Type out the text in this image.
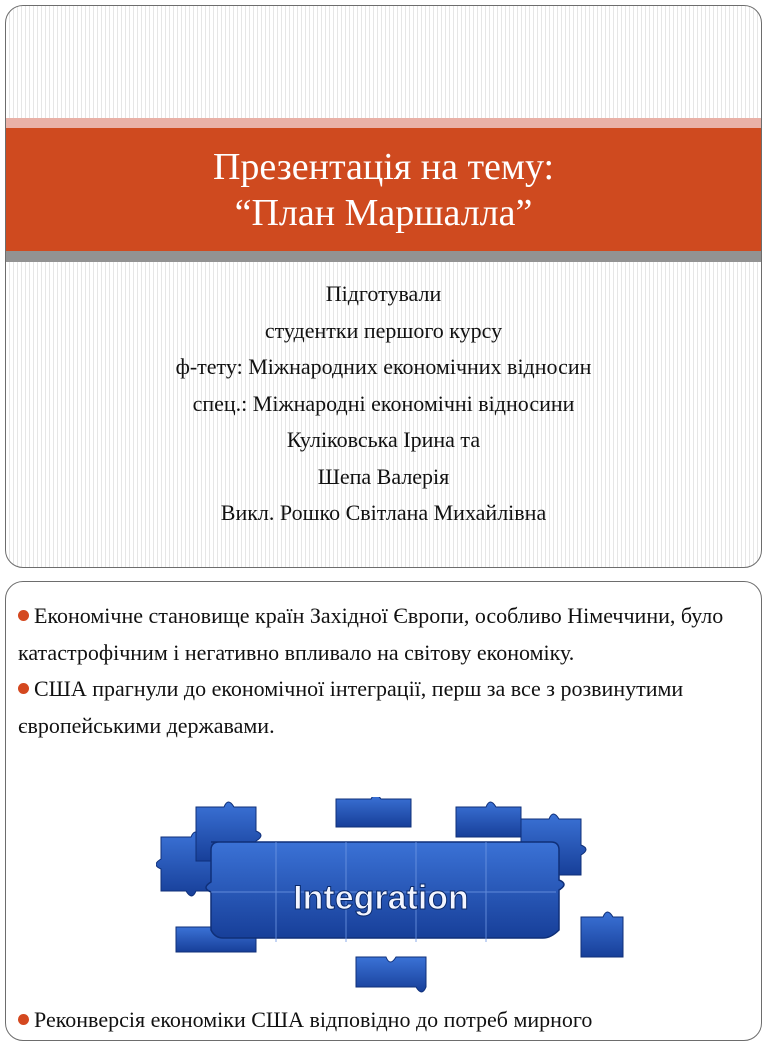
Презентація на тему:
“План Маршалла”
Підготували
студентки першого курсу
ф-тету: Міжнародних економічних відносин
спец.: Міжнародні економічні відносини
Куліковська Ірина та
Шепа Валерія
Викл. Рошко Світлана Михайлівна

Економічне становище країн Західної Європи, особливо Німеччини, було катастрофічним і негативно впливало на світову економіку.

США прагнули до економічної інтеграції, перш за все з розвинутими європейськими державами.

Integration
Реконверсія економіки США відповідно до потреб мирного
